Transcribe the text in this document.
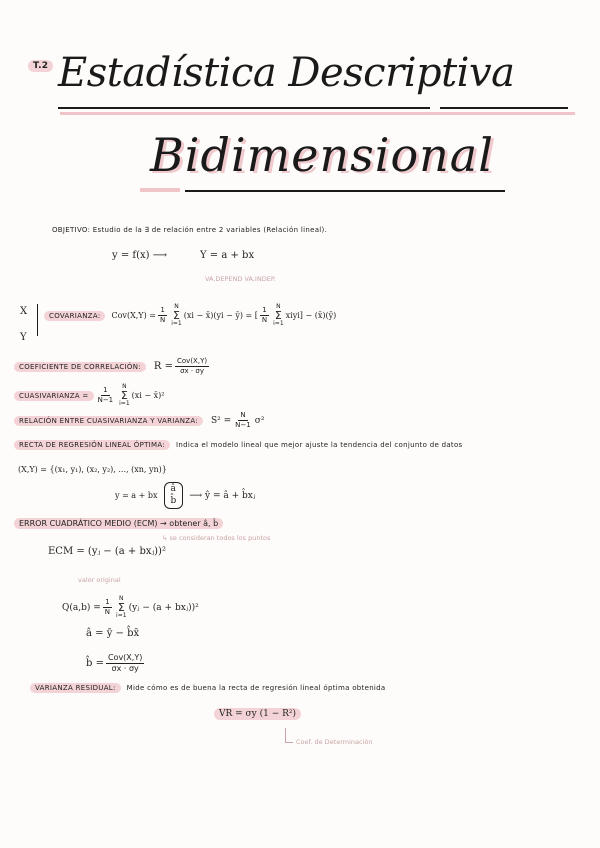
T.2 Estadística Descriptiva
Bidimensional
OBJETIVO: Estudio de la ∃ de relación entre 2 variables (Relación lineal).
y = f(x) ⟶	Y = a + bx
VA.DEPEND VA.INDEP.
X
Y
COVARIANZA:	$Cov(X,Y) = \frac{1}{N}$
N
Σ
i=1
(xi − x̄)(yi − ȳ) = [ $\frac{1}{N}$
N
Σ
i=1
xiyi] − (x̄)(ȳ)
COEFICIENTE DE CORRELACIÓN:	$R = \frac{\text{Cov(X,Y)}}{\sigma x \cdot \sigma y}$
CUASIVARIANZA =	$\frac{1}{N-1}$
N
Σ
i=1
(xi − x̄)²
RELACIÓN ENTRE CUASIVARIANZA Y VARIANZA:	$S^2 = \frac{N}{N-1} \sigma^2$
RECTA DE REGRESIÓN LINEAL ÓPTIMA:	Indica el modelo lineal que mejor ajuste la tendencia del conjunto de datos
(X,Y) = {(x₁, y₁), (x₂, y₂), ..., (xn, yn)}
y = a + bx
â
b̂ ⟶ ŷ = â + b̂xⱼ
ERROR CUADRÁTICO MEDIO (ECM) → obtener â, b̂
↳ se consideran todos los puntos
ECM = (yⱼ − (a + bxⱼ))²
valor original
$Q(a,b) = \frac{1}{N}$
N
Σ
i=1
(yⱼ − (a + bxⱼ))²
â = ȳ − b̂x̄
b̂ = $\frac{\text{Cov(X,Y)}}{\sigma x \cdot \sigma y}$
VARIANZA RESIDUAL:	Mide cómo es de buena la recta de regresión lineal óptima obtenida
VR = σy (1 − R²)
Coef. de Determinación
